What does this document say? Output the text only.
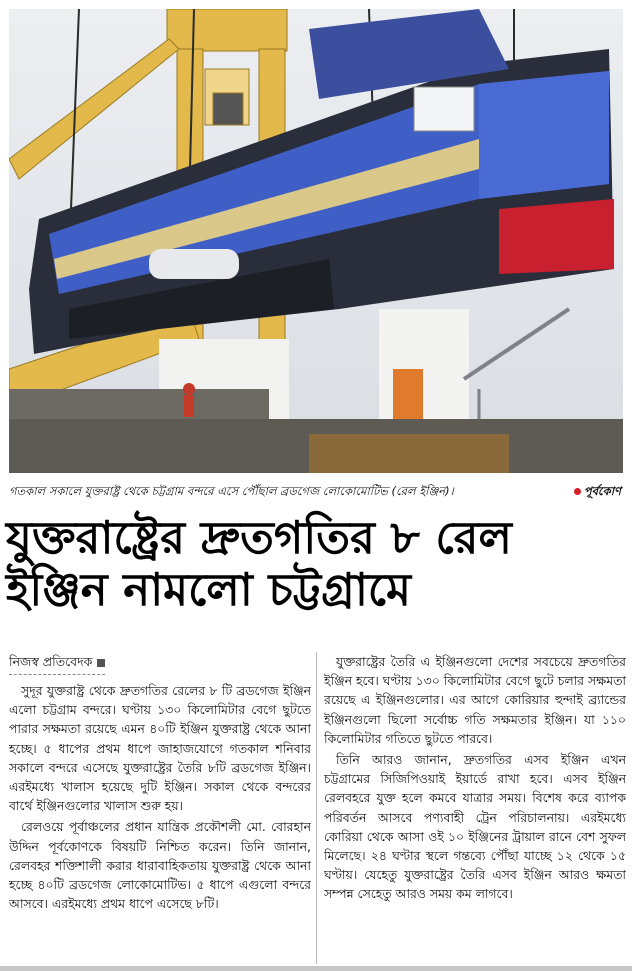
গতকাল সকালে যুক্তরাষ্ট্র থেকে চট্টগ্রাম বন্দরে এসে পৌঁছাল ব্রডগেজ লোকোমোটিভ (রেল ইঞ্জিন)।	পূর্বকোণ
যুক্তরাষ্ট্রের দ্রুতগতির ৮ রেল
ইঞ্জিন নামলো চট্টগ্রামে
নিজস্ব প্রতিবেদক

সুদূর যুক্তরাষ্ট্র থেকে দ্রুতগতির রেলের ৮ টি ব্রডগেজ ইঞ্জিন এলো চট্টগ্রাম বন্দরে। ঘণ্টায় ১৩০ কিলোমিটার বেগে ছুটতে পারার সক্ষমতা রয়েছে এমন ৪০টি ইঞ্জিন যুক্তরাষ্ট্র থেকে আনা হচ্ছে। ৫ ধাপের প্রথম ধাপে জাহাজযোগে গতকাল শনিবার সকালে বন্দরে এসেছে যুক্তরাষ্ট্রের তৈরি ৮টি ব্রডগেজ ইঞ্জিন। এরইমধ্যে খালাস হয়েছে দুটি ইঞ্জিন। সকাল থেকে বন্দরের বার্থে ইঞ্জিনগুলোর খালাস শুরু হয়।

রেলওয়ে পূর্বাঞ্চলের প্রধান যান্ত্রিক প্রকৌশলী মো. বোরহান উদ্দিন পূর্বকোণকে বিষয়টি নিশ্চিত করেন। তিনি জানান, রেলবহর শক্তিশালী করার ধারাবাহিকতায় যুক্তরাষ্ট্র থেকে আনা হচ্ছে ৪০টি ব্রডগেজ লোকোমোটিভ। ৫ ধাপে এগুলো বন্দরে আসবে। এরইমধ্যে প্রথম ধাপে এসেছে ৮টি।

যুক্তরাষ্ট্রের তৈরি এ ইঞ্জিনগুলো দেশের সবচেয়ে দ্রুতগতির ইঞ্জিন হবে। ঘণ্টায় ১৩০ কিলোমিটার বেগে ছুটে চলার সক্ষমতা রয়েছে এ ইঞ্জিনগুলোর। এর আগে কোরিয়ার হুন্দাই ব্র্যান্ডের ইঞ্জিনগুলো ছিলো সর্বোচ্চ গতি সক্ষমতার ইঞ্জিন। যা ১১০ কিলোমিটার গতিতে ছুটতে পারবে।

তিনি আরও জানান, দ্রুতগতির এসব ইঞ্জিন এখন চট্টগ্রামের সিজিপিওয়াই ইয়ার্ডে রাখা হবে। এসব ইঞ্জিন রেলবহরে যুক্ত হলে কমবে যাত্রার সময়। বিশেষ করে ব্যাপক পরিবর্তন আসবে পণ্যবাহী ট্রেন পরিচালনায়। এরইমধ্যে কোরিয়া থেকে আসা ওই ১০ ইঞ্জিনের ট্রায়াল রানে বেশ সুফল মিলেছে। ২৪ ঘণ্টার স্থলে গন্তব্যে পৌঁছা যাচ্ছে ১২ থেকে ১৫ ঘণ্টায়। যেহেতু যুক্তরাষ্ট্রের তৈরি এসব ইঞ্জিন আরও ক্ষমতা সম্পন্ন সেহেতু আরও সময় কম লাগবে।
